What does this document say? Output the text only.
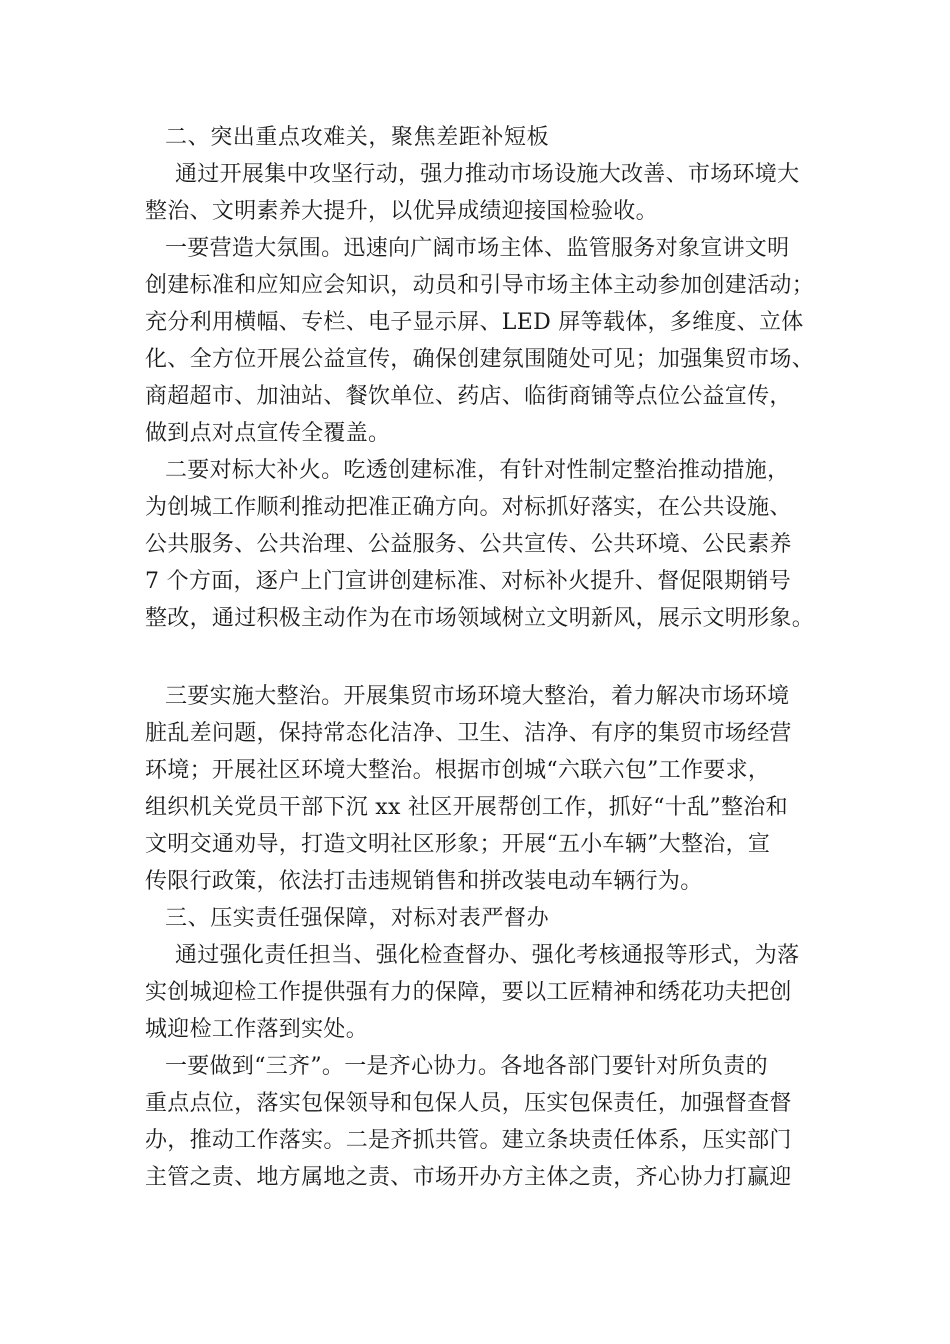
二、突出重点攻难关，聚焦差距补短板
通过开展集中攻坚行动，强力推动市场设施大改善、市场环境大
整治、文明素养大提升，以优异成绩迎接国检验收。
一要营造大氛围。迅速向广阔市场主体、监管服务对象宣讲文明
创建标准和应知应会知识，动员和引导市场主体主动参加创建活动；
充分利用横幅、专栏、电子显示屏、LED 屏等载体，多维度、立体
化、全方位开展公益宣传，确保创建氛围随处可见；加强集贸市场、
商超超市、加油站、餐饮单位、药店、临街商铺等点位公益宣传，
做到点对点宣传全覆盖。
二要对标大补火。吃透创建标准，有针对性制定整治推动措施，
为创城工作顺利推动把准正确方向。对标抓好落实，在公共设施、
公共服务、公共治理、公益服务、公共宣传、公共环境、公民素养
7 个方面，逐户上门宣讲创建标准、对标补火提升、督促限期销号
整改，通过积极主动作为在市场领域树立文明新风，展示文明形象。
三要实施大整治。开展集贸市场环境大整治，着力解决市场环境
脏乱差问题，保持常态化洁净、卫生、洁净、有序的集贸市场经营
环境；开展社区环境大整治。根据市创城“六联六包”工作要求，
组织机关党员干部下沉 xx 社区开展帮创工作，抓好“十乱”整治和
文明交通劝导，打造文明社区形象；开展“五小车辆”大整治，宣
传限行政策，依法打击违规销售和拼改装电动车辆行为。
三、压实责任强保障，对标对表严督办
通过强化责任担当、强化检查督办、强化考核通报等形式，为落
实创城迎检工作提供强有力的保障，要以工匠精神和绣花功夫把创
城迎检工作落到实处。
一要做到“三齐”。一是齐心协力。各地各部门要针对所负责的
重点点位，落实包保领导和包保人员，压实包保责任，加强督查督
办，推动工作落实。二是齐抓共管。建立条块责任体系，压实部门
主管之责、地方属地之责、市场开办方主体之责，齐心协力打赢迎
